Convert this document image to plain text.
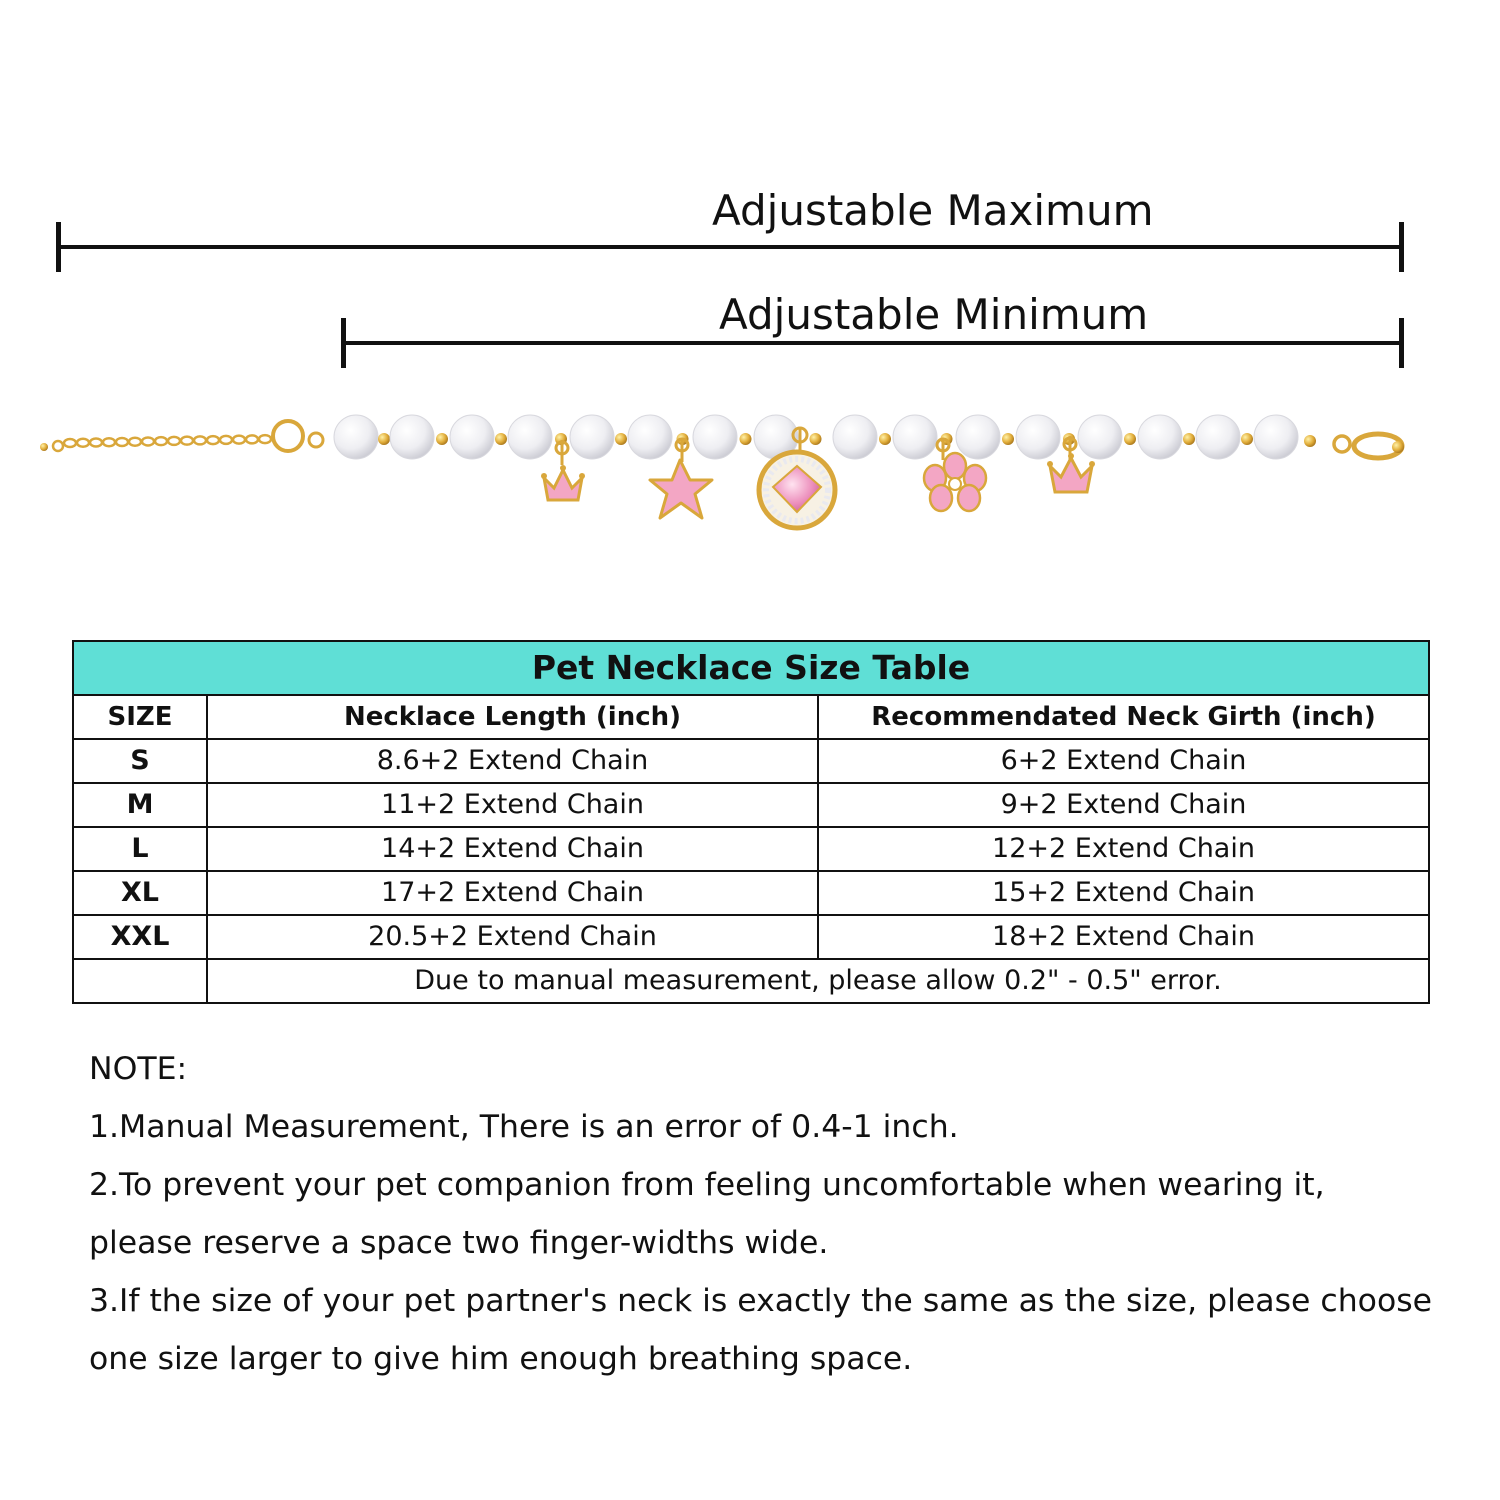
Adjustable Maximum
Adjustable Minimum
Pet Necklace Size Table		
SIZE	Necklace Length (inch)	Recommendated Neck Girth (inch)
S	8.6+2 Extend Chain	6+2 Extend Chain
M	11+2 Extend Chain	9+2 Extend Chain
L	14+2 Extend Chain	12+2 Extend Chain
XL	17+2 Extend Chain	15+2 Extend Chain
XXL	20.5+2 Extend Chain	18+2 Extend Chain
	Due to manual measurement, please allow 0.2" - 0.5" error.	

NOTE:

1.Manual Measurement, There is an error of 0.4-1 inch.

2.To prevent your pet companion from feeling uncomfortable when wearing it,

please reserve a space two finger-widths wide.

3.If the size of your pet partner's neck is exactly the same as the size, please choose

one size larger to give him enough breathing space.
